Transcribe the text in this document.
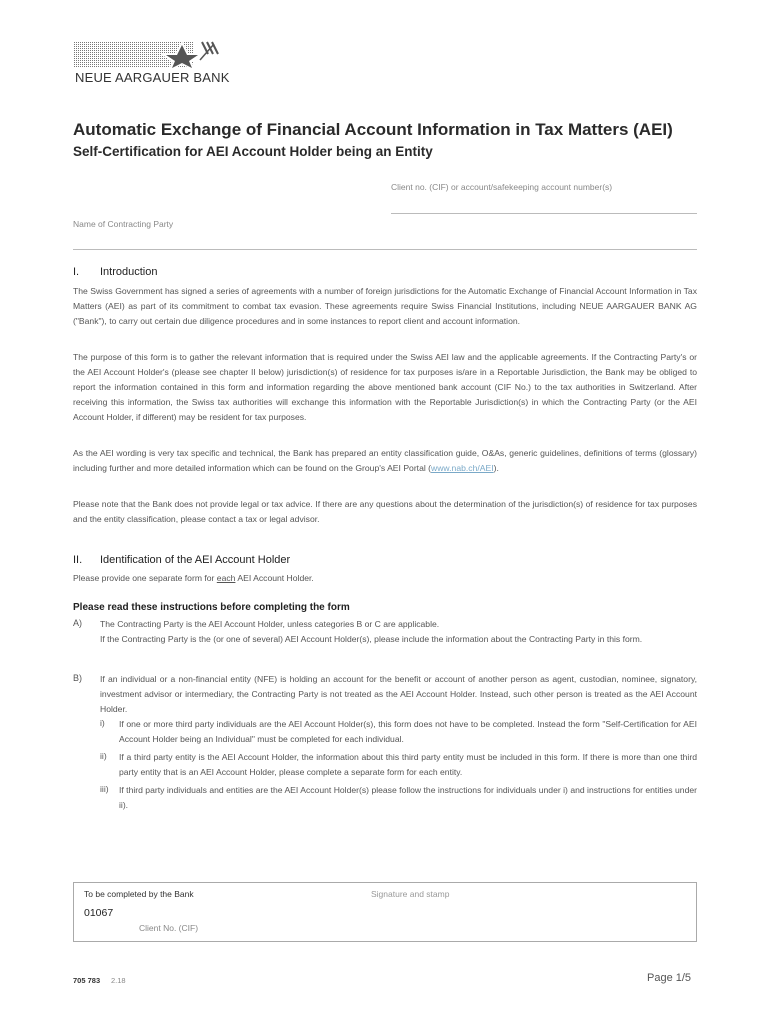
NEUE AARGAUER BANK
Automatic Exchange of Financial Account Information in Tax Matters (AEI)
Self-Certification for AEI Account Holder being an Entity
Client no. (CIF) or account/safekeeping account number(s)
Name of Contracting Party
I. Introduction

The Swiss Government has signed a series of agreements with a number of foreign jurisdictions for the Automatic Exchange of Financial Account Information in Tax Matters (AEI) as part of its commitment to combat tax evasion. These agreements require Swiss Financial Institutions, including NEUE AARGAUER BANK AG ("Bank"), to carry out certain due diligence procedures and in some instances to report client and account information.

The purpose of this form is to gather the relevant information that is required under the Swiss AEI law and the applicable agreements. If the Contracting Party's or the AEI Account Holder's (please see chapter II below) jurisdiction(s) of residence for tax purposes is/are in a Reportable Jurisdiction, the Bank may be obliged to report the information contained in this form and information regarding the above mentioned bank account (CIF No.) to the tax authorities in Switzerland. After receiving this information, the Swiss tax authorities will exchange this information with the Reportable Jurisdiction(s) in which the Contracting Party (or the AEI Account Holder, if different) may be resident for tax purposes.

As the AEI wording is very tax specific and technical, the Bank has prepared an entity classification guide, O&As, generic guidelines, definitions of terms (glossary) including further and more detailed information which can be found on the Group's AEI Portal (www.nab.ch/AEI).

Please note that the Bank does not provide legal or tax advice. If there are any questions about the determination of the jurisdiction(s) of residence for tax purposes and the entity classification, please contact a tax or legal advisor.

II. Identification of the AEI Account Holder

Please provide one separate form for each AEI Account Holder.

Please read these instructions before completing the form
A) The Contracting Party is the AEI Account Holder, unless categories B or C are applicable.

If the Contracting Party is the (or one of several) AEI Account Holder(s), please include the information about the Contracting Party in this form.

B) If an individual or a non-financial entity (NFE) is holding an account for the benefit or account of another person as agent, custodian, nominee, signatory, investment advisor or intermediary, the Contracting Party is not treated as the AEI Account Holder. Instead, such other person is treated as the AEI Account Holder.

i) If one or more third party individuals are the AEI Account Holder(s), this form does not have to be completed. Instead the form "Self-Certification for AEI Account Holder being an Individual" must be completed for each individual.

ii) If a third party entity is the AEI Account Holder, the information about this third party entity must be included in this form. If there is more than one third party entity that is an AEI Account Holder, please complete a separate form for each entity.

iii) If third party individuals and entities are the AEI Account Holder(s) please follow the instructions for individuals under i) and instructions for entities under ii).

To be completed by the Bank	Signature and stamp
01067
Client No. (CIF)
705 783 2.18	Page 1/5
